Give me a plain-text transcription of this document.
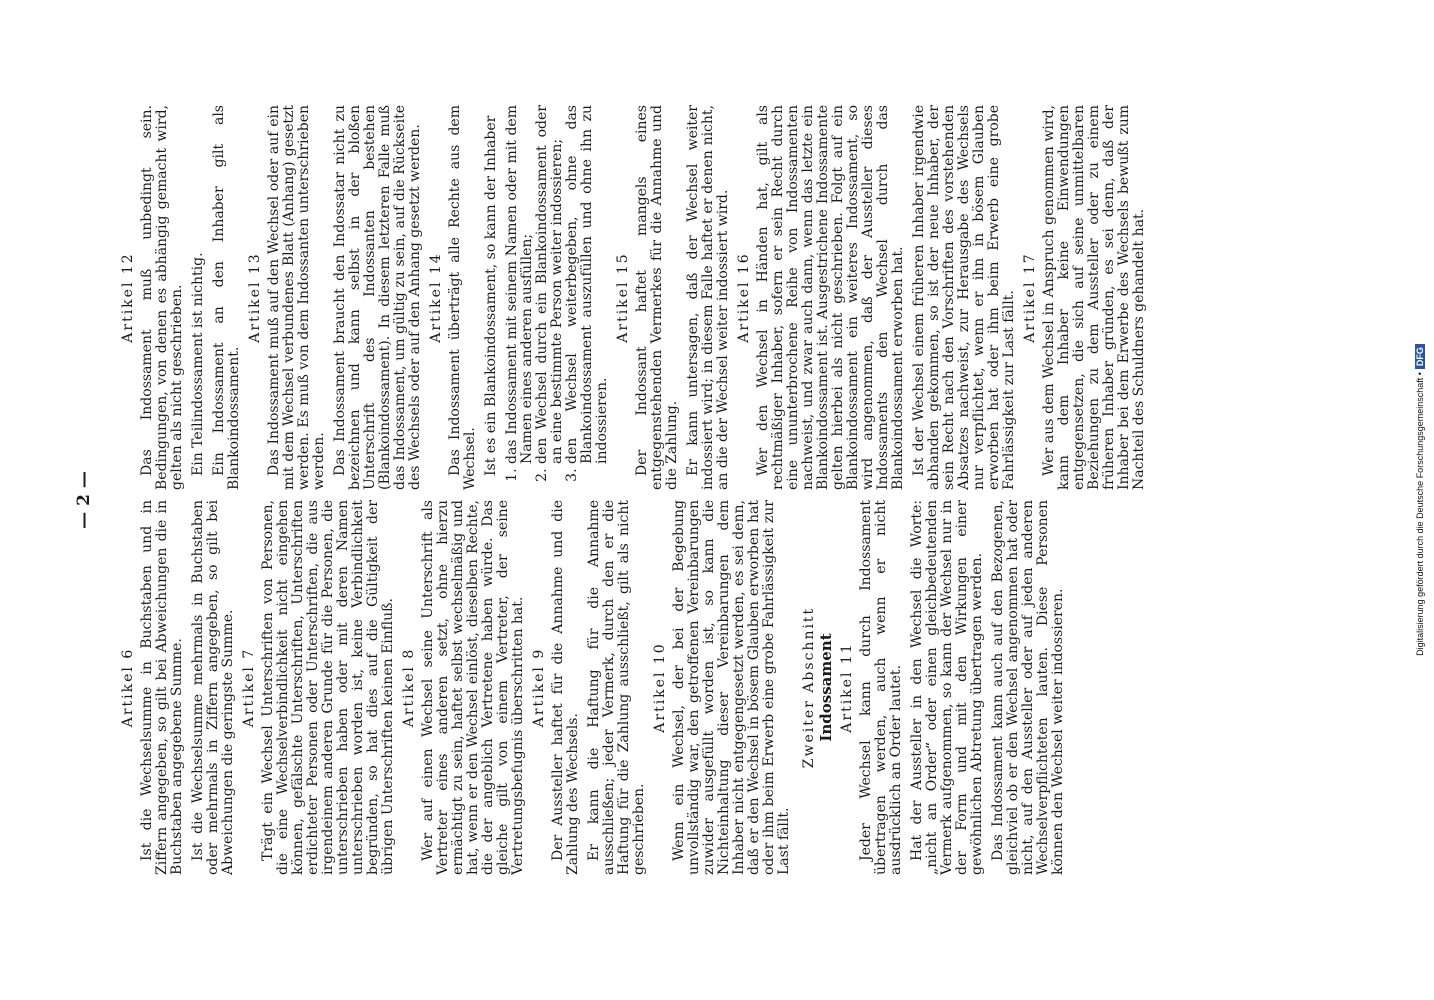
— 2 —
Artikel 6 Ist die Wechselsumme in Buchstaben und in Ziffern angegeben, so gilt bei Abweichungen die in Buchstaben angegebene Summe. Ist die Wechselsumme mehrmals in Buchstaben oder mehrmals in Ziffern angegeben, so gilt bei Abweichungen die geringste Summe. Artikel 7 Trägt ein Wechsel Unterschriften von Personen, die eine Wechselverbindlichkeit nicht eingehen können, gefälschte Unterschriften, Unterschriften erdichteter Personen oder Unterschriften, die aus irgendeinem anderen Grunde für die Personen, die unterschrieben haben oder mit deren Namen unterschrieben worden ist, keine Verbindlichkeit begründen, so hat dies auf die Gültigkeit der übrigen Unterschriften keinen Einfluß. Artikel 8 Wer auf einen Wechsel seine Unterschrift als Vertreter eines anderen setzt, ohne hierzu ermächtigt zu sein, haftet selbst wechselmäßig und hat, wenn er den Wechsel einlöst, dieselben Rechte, die der angeblich Vertretene haben würde. Das gleiche gilt von einem Vertreter, der seine Vertretungsbefugnis überschritten hat. Artikel 9 Der Aussteller haftet für die Annahme und die Zahlung des Wechsels. Er kann die Haftung für die Annahme ausschließen; jeder Vermerk, durch den er die Haftung für die Zahlung ausschließt, gilt als nicht geschrieben.

Artikel 10 Wenn ein Wechsel, der bei der Begebung unvollständig war, den getroffenen Vereinbarungen zuwider ausgefüllt worden ist, so kann die Nichteinhaltung dieser Vereinbarungen dem Inhaber nicht entgegengesetzt werden, es sei denn, daß er den Wechsel in bösem Glauben erworben hat oder ihm beim Erwerb eine grobe Fahrlässigkeit zur Last fällt.

Zweiter Abschnitt Indossament Artikel 11 Jeder Wechsel kann durch Indossament übertragen werden, auch wenn er nicht ausdrücklich an Order lautet. Hat der Aussteller in den Wechsel die Worte: „nicht an Order“ oder einen gleichbedeutenden Vermerk aufgenommen, so kann der Wechsel nur in der Form und mit den Wirkungen einer gewöhnlichen Abtretung übertragen werden. Das Indossament kann auch auf den Bezogenen, gleichviel ob er den Wechsel angenommen hat oder nicht, auf den Aussteller oder auf jeden anderen Wechselverpflichteten lauten. Diese Personen können den Wechsel weiter indossieren.

Artikel 12 Das Indossament muß unbedingt sein. Bedingungen, von denen es abhängig gemacht wird, gelten als nicht geschrieben. Ein Teilindossament ist nichtig. Ein Indossament an den Inhaber gilt als Blankoindossament.

Artikel 13 Das Indossament muß auf den Wechsel oder auf ein mit dem Wechsel verbundenes Blatt (Anhang) gesetzt werden. Es muß von dem Indossanten unterschrieben werden. Das Indossament braucht den Indossatar nicht zu bezeichnen und kann selbst in der bloßen Unterschrift des Indossanten bestehen (Blankoindossament). In diesem letzteren Falle muß das Indossament, um gültig zu sein, auf die Rückseite des Wechsels oder auf den Anhang gesetzt werden. Artikel 14 Das Indossament überträgt alle Rechte aus dem Wechsel. Ist es ein Blankoindossament, so kann der Inhaber 1. das Indossament mit seinem Namen oder mit dem Namen eines anderen ausfüllen; 2. den Wechsel durch ein Blankoindossament oder an eine bestimmte Person weiter indossieren; 3. den Wechsel weiterbegeben, ohne das Blankoindossament auszufüllen und ohne ihn zu indossieren.
Artikel 15 Der Indossant haftet mangels eines entgegenstehenden Vermerkes für die Annahme und die Zahlung. Er kann untersagen, daß der Wechsel weiter indossiert wird; in diesem Falle haftet er denen nicht, an die der Wechsel weiter indossiert wird. Artikel 16 Wer den Wechsel in Händen hat, gilt als rechtmäßiger Inhaber, sofern er sein Recht durch eine ununterbrochene Reihe von Indossamenten nachweist, und zwar auch dann, wenn das letzte ein Blankoindossament ist. Ausgestrichene Indossamente gelten hierbei als nicht geschrieben. Folgt auf ein Blankoindossament ein weiteres Indossament, so wird angenommen, daß der Aussteller dieses Indossaments den Wechsel durch das Blankoindossament erworben hat. Ist der Wechsel einem früheren Inhaber irgendwie abhanden gekommen, so ist der neue Inhaber, der sein Recht nach den Vorschriften des vorstehenden Absatzes nachweist, zur Herausgabe des Wechsels nur verpflichtet, wenn er ihn in bösem Glauben erworben hat oder ihm beim Erwerb eine grobe Fahrlässigkeit zur Last fällt. Artikel 17 Wer aus dem Wechsel in Anspruch genommen wird, kann dem Inhaber keine Einwendungen entgegensetzen, die sich auf seine unmittelbaren Beziehungen zu dem Aussteller oder zu einem früheren Inhaber gründen, es sei denn, daß der Inhaber bei dem Erwerbe des Wechsels bewußt zum Nachteil des Schuldners gehandelt hat.

Digitalisierung gefördert durch die Deutsche Forschungsgemeinschaft •DFG
